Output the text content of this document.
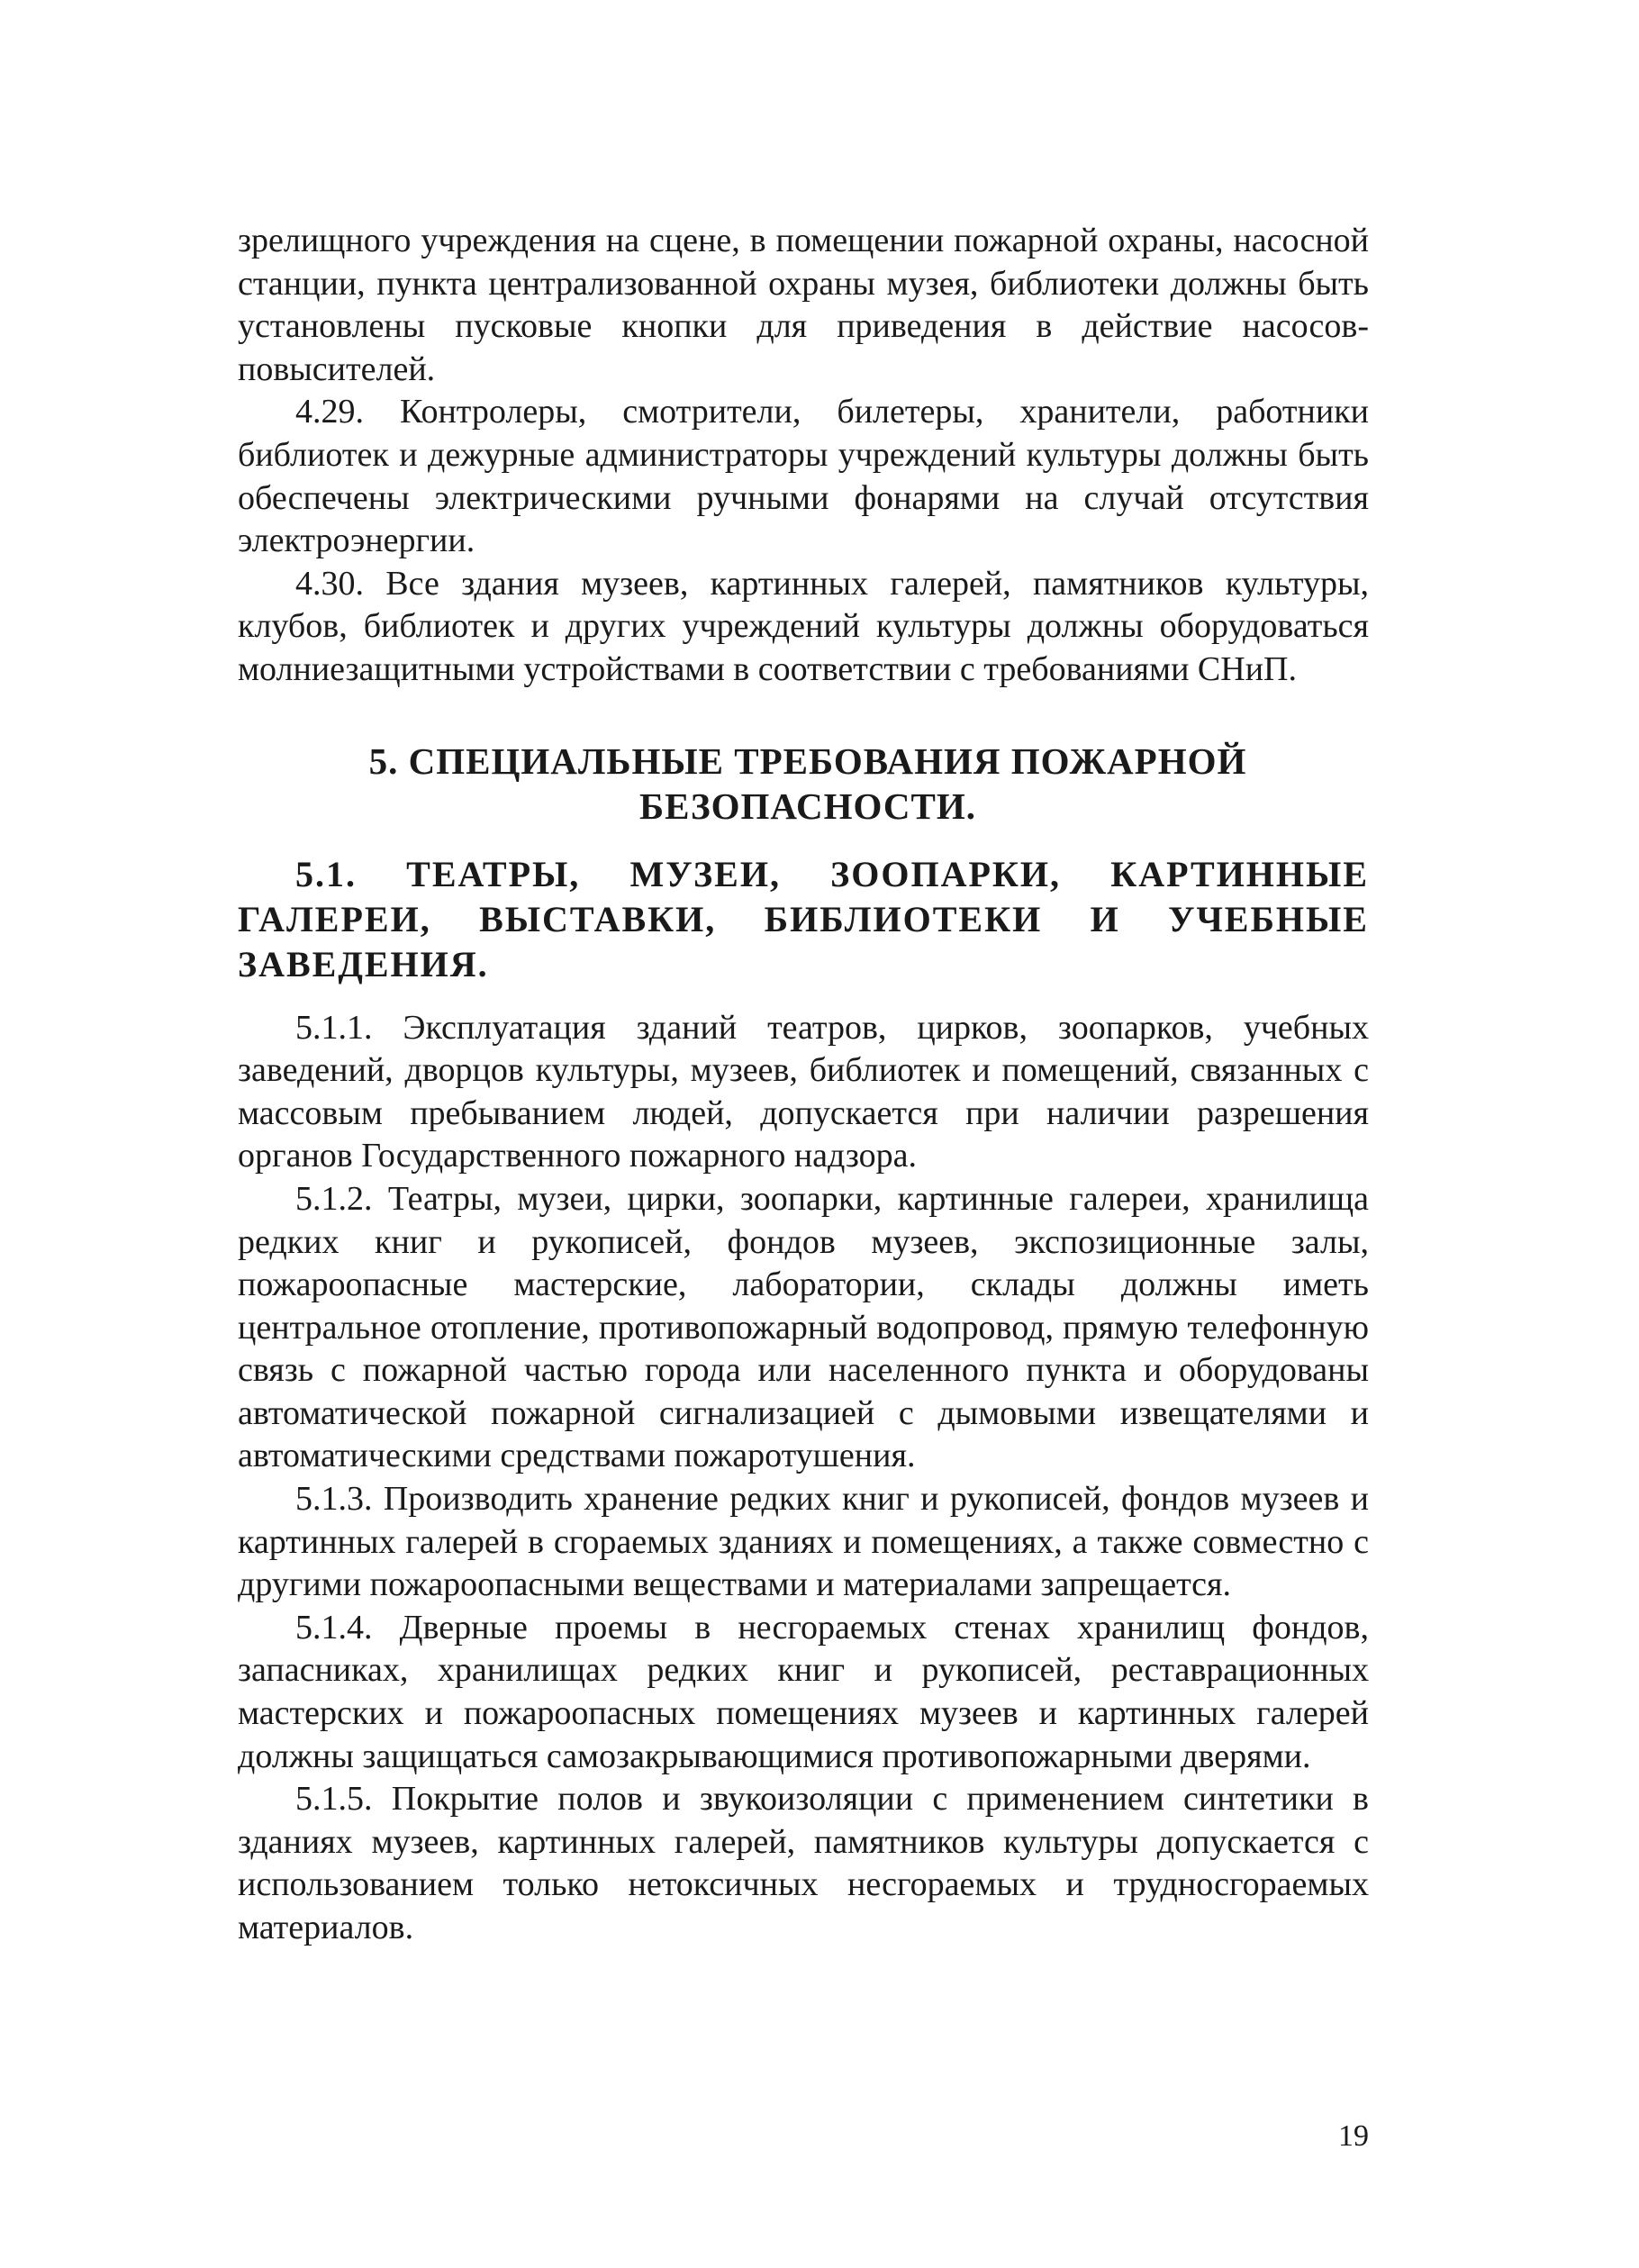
зрелищного учреждения на сцене, в помещении пожарной охраны, насосной станции, пункта централизованной охраны музея, библиотеки должны быть установлены пусковые кнопки для приведения в действие насосов-повысителей.

4.29. Контролеры, смотрители, билетеры, хранители, работники библиотек и дежурные администраторы учреждений культуры должны быть обеспечены электрическими ручными фонарями на случай отсутствия электроэнергии.

4.30. Все здания музеев, картинных галерей, памятников культуры, клубов, библиотек и других учреждений культуры должны оборудоваться молниезащитными устройствами в соответствии с требованиями СНиП.

5. СПЕЦИАЛЬНЫЕ ТРЕБОВАНИЯ ПОЖАРНОЙ БЕЗОПАСНОСТИ.
5.1. ТЕАТРЫ, МУЗЕИ, ЗООПАРКИ, КАРТИННЫЕ ГАЛЕРЕИ, ВЫСТАВКИ, БИБЛИОТЕКИ И УЧЕБНЫЕ ЗАВЕДЕНИЯ.

5.1.1. Эксплуатация зданий театров, цирков, зоопарков, учебных заведений, дворцов культуры, музеев, библиотек и помещений, связанных с массовым пребыванием людей, допускается при наличии разрешения органов Государственного пожарного надзора.

5.1.2. Театры, музеи, цирки, зоопарки, картинные галереи, хранилища редких книг и рукописей, фондов музеев, экспозиционные залы, пожароопасные мастерские, лаборатории, склады должны иметь центральное отопление, противопожарный водопровод, прямую телефонную связь с пожарной частью города или населенного пункта и оборудованы автоматической пожарной сигнализацией с дымовыми извещателями и автоматическими средствами пожаротушения.

5.1.3. Производить хранение редких книг и рукописей, фондов музеев и картинных галерей в сгораемых зданиях и помещениях, а также совместно с другими пожароопасными веществами и материалами запрещается.

5.1.4. Дверные проемы в несгораемых стенах хранилищ фондов, запасниках, хранилищах редких книг и рукописей, реставрационных мастерских и пожароопасных помещениях музеев и картинных галерей должны защищаться самозакрывающимися противопожарными дверями.

5.1.5. Покрытие полов и звукоизоляции с применением синтетики в зданиях музеев, картинных галерей, памятников культуры допускается с использованием только нетоксичных несгораемых и трудносгораемых материалов.

19
